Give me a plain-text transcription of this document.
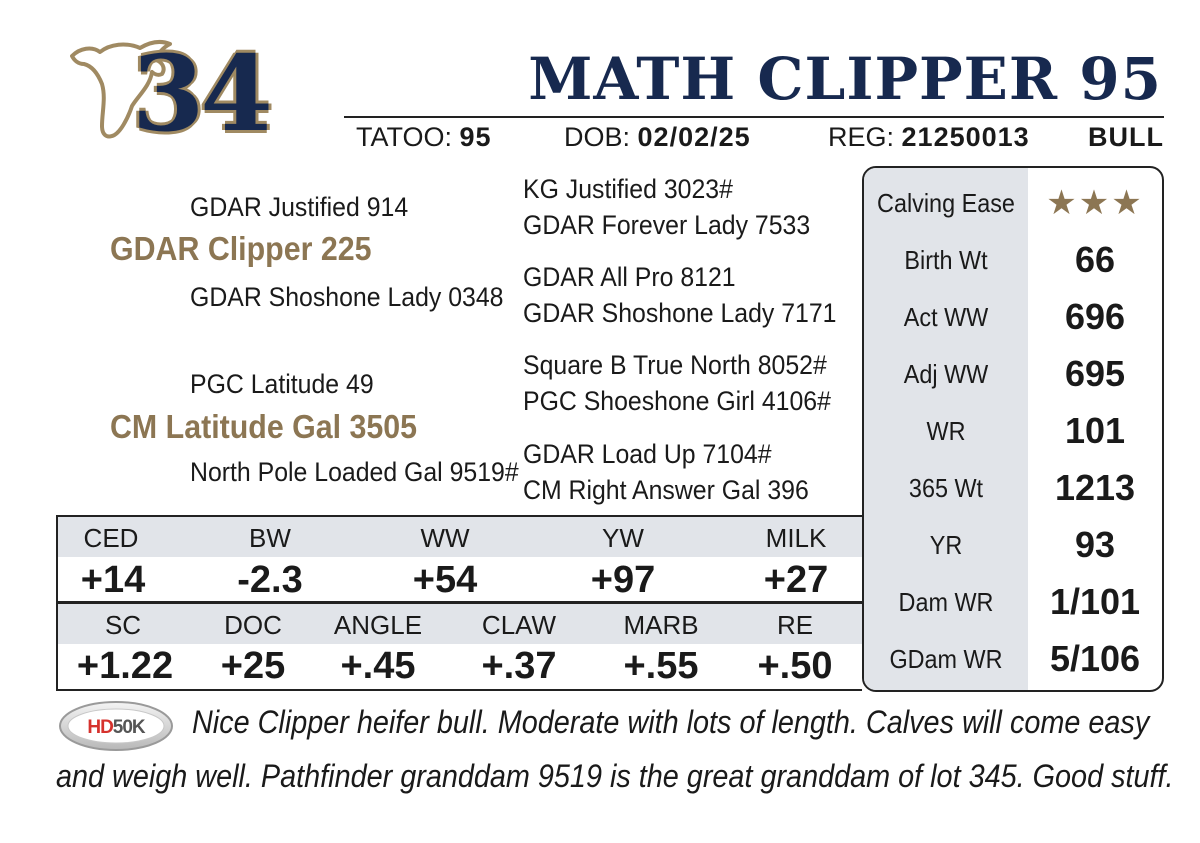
34	MATH CLIPPER 95
TATOO: 95	DOB: 02/02/25	REG: 21250013 BULL
GDAR Justified 914
GDAR Clipper 225
GDAR Shoshone Lady 0348
KG Justified 3023#
GDAR Forever Lady 7533
GDAR All Pro 8121
GDAR Shoshone Lady 7171
PGC Latitude 49
CM Latitude Gal 3505
North Pole Loaded Gal 9519#
Square B True North 8052#
PGC Shoeshone Girl 4106#
GDAR Load Up 7104#
CM Right Answer Gal 396
Calving Ease ★★★
Birth Wt	66
Act WW	696
Adj WW	695
WR	101
365 Wt	1213
YR	93
Dam WR	1/101
GDam WR	5/106
CED	BW	WW	YW	MILK
+14	-2.3	+54	+97	+27
SC	DOC	ANGLE	CLAW	MARB	RE
+1.22	+25	+.45	+.37	+.55	+.50
HD50K Nice Clipper heifer bull. Moderate with lots of length. Calves will come easy
and weigh well. Pathfinder granddam 9519 is the great granddam of lot 345. Good stuff.
